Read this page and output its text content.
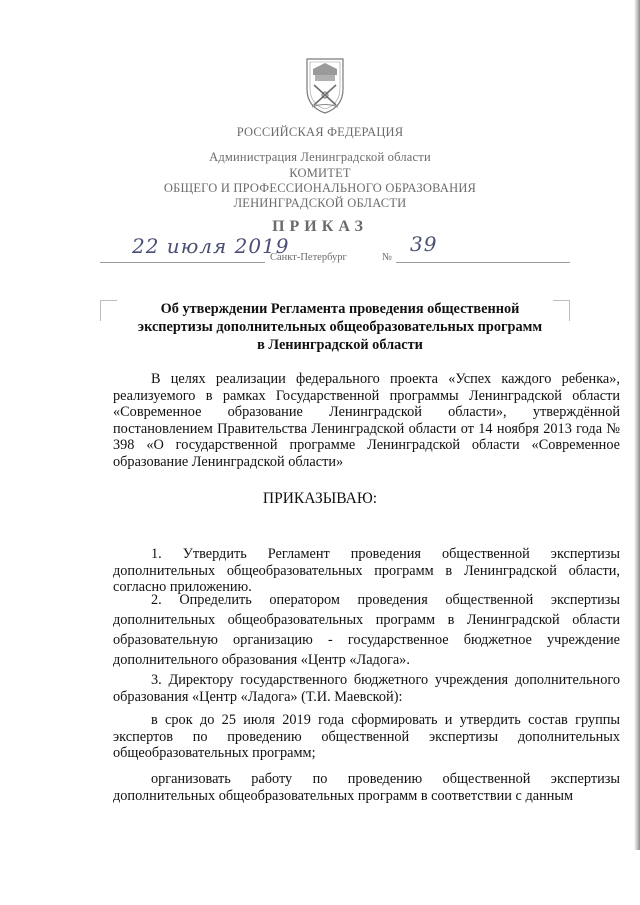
РОССИЙСКАЯ ФЕДЕРАЦИЯ
Администрация Ленинградской области
КОМИТЕТ
ОБЩЕГО И ПРОФЕССИОНАЛЬНОГО ОБРАЗОВАНИЯ
ЛЕНИНГРАДСКОЙ ОБЛАСТИ
ПРИКАЗ
22 июля 2019
Санкт-Петербург	№
39
Об утверждении Регламента проведения общественной
экспертизы дополнительных общеобразовательных программ
в Ленинградской области
В целях реализации федерального проекта «Успех каждого ребенка», реализуемого в рамках Государственной программы Ленинградской области «Современное образование Ленинградской области», утверждённой постановлением Правительства Ленинградской области от 14 ноября 2013 года № 398 «О государственной программе Ленинградской области «Современное образование Ленинградской области»
ПРИКАЗЫВАЮ:
1. Утвердить Регламент проведения общественной экспертизы дополнительных общеобразовательных программ в Ленинградской области, согласно приложению.
2. Определить оператором проведения общественной экспертизы дополнительных общеобразовательных программ в Ленинградской области образовательную организацию - государственное бюджетное учреждение дополнительного образования «Центр «Ладога».
3. Директору государственного бюджетного учреждения дополнительного образования «Центр «Ладога» (Т.И. Маевской):
в срок до 25 июля 2019 года сформировать и утвердить состав группы экспертов по проведению общественной экспертизы дополнительных общеобразовательных программ;
организовать работу по проведению общественной экспертизы дополнительных общеобразовательных программ в соответствии с данным
